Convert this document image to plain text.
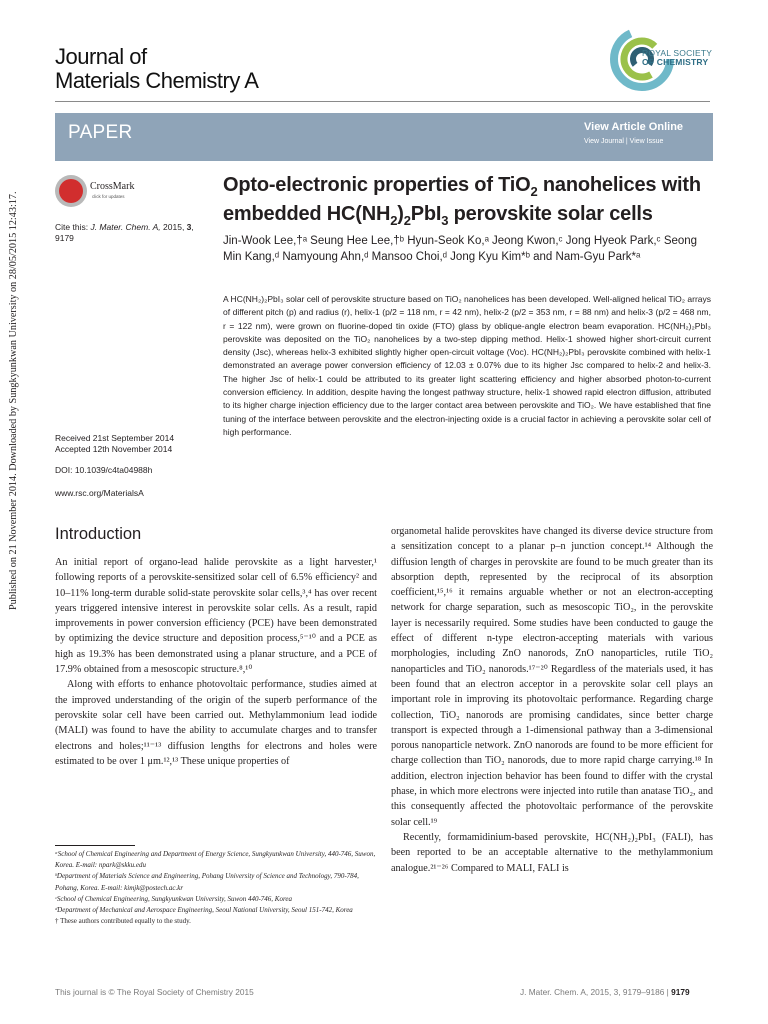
Published on 21 November 2014. Downloaded by Sungkyunkwan University on 28/05/2015 12:43:17.
Journal of
Materials Chemistry A
ROYAL SOCIETY
OF CHEMISTRY
PAPER	View Article Online
View Journal | View Issue
CrossMark
click for updates
Cite this: J. Mater. Chem. A, 2015, 3, 9179
Received 21st September 2014
Accepted 12th November 2014
DOI: 10.1039/c4ta04988h
www.rsc.org/MaterialsA
Opto-electronic properties of TiO$_2$ nanohelices with embedded $HC(NH_2)_2PbI_3$ perovskite solar cells
Jin-Wook Lee,†ᵃ Seung Hee Lee,†ᵇ Hyun-Seok Ko,ᵃ Jeong Kwon,ᶜ Jong Hyeok Park,ᶜ Seong Min Kang,ᵈ Namyoung Ahn,ᵈ Mansoo Choi,ᵈ Jong Kyu Kim*ᵇ and Nam-Gyu Park*ᵃ
A HC(NH₂)₂PbI₃ solar cell of perovskite structure based on TiO₂ nanohelices has been developed. Well-aligned helical TiO₂ arrays of different pitch (p) and radius (r), helix-1 (p/2 = 118 nm, r = 42 nm), helix-2 (p/2 = 353 nm, r = 88 nm) and helix-3 (p/2 = 468 nm, r = 122 nm), were grown on fluorine-doped tin oxide (FTO) glass by oblique-angle electron beam evaporation. HC(NH₂)₂PbI₃ perovskite was deposited on the TiO₂ nanohelices by a two-step dipping method. Helix-1 showed higher short-circuit current density (Jsc), whereas helix-3 exhibited slightly higher open-circuit voltage (Voc). HC(NH₂)₂PbI₃ perovskite combined with helix-1 demonstrated an average power conversion efficiency of 12.03 ± 0.07% due to its higher Jsc compared to helix-2 and helix-3. The higher Jsc of helix-1 could be attributed to its greater light scattering efficiency and higher absorbed photon-to-current conversion efficiency. In addition, despite having the longest pathway structure, helix-1 showed rapid electron diffusion, attributed to its higher charge injection efficiency due to the larger contact area between perovskite and TiO₂. We have established that fine tuning of the interface between perovskite and the electron-injecting oxide is a crucial factor in achieving a perovskite solar cell of high performance.
Introduction

An initial report of organo-lead halide perovskite as a light harvester,¹ following reports of a perovskite-sensitized solar cell of 6.5% efficiency² and 10–11% long-term durable solid-state perovskite solar cells,³,⁴ has over recent years triggered intensive interest in perovskite solar cells. As a result, rapid improvements in power conversion efficiency (PCE) have been demonstrated by optimizing the device structure and deposition process,⁵⁻¹⁰ and a PCE as high as 19.3% has been demonstrated using a planar structure, and a PCE of 17.9% obtained from a mesoscopic structure.⁸,¹⁰

Along with efforts to enhance photovoltaic performance, studies aimed at the improved understanding of the origin of the superb performance of the perovskite solar cell have been carried out. Methylammonium lead iodide (MALI) was found to have the ability to accumulate charges and to transfer electrons and holes;¹¹⁻¹³ diffusion lengths for electrons and holes were estimated to be over 1 μm.¹²,¹³ These unique properties of

organometal halide perovskites have changed its diverse device structure from a sensitization concept to a planar p–n junction concept.¹⁴ Although the diffusion length of charges in perovskite are found to be much greater than its absorption depth, represented by the reciprocal of its absorption coefficient,¹⁵,¹⁶ it remains arguable whether or not an electron-accepting network for charge separation, such as mesoscopic TiO₂, in the perovskite layer is necessarily required. Some studies have been conducted to gauge the effect of different n-type electron-accepting materials with various morphologies, including ZnO nanorods, ZnO nanoparticles, rutile TiO₂ nanoparticles and TiO₂ nanorods.¹⁷⁻²⁰ Regardless of the materials used, it has been found that an electron acceptor in a perovskite solar cell plays an important role in improving its photovoltaic performance. Regarding charge collection, TiO₂ nanorods are promising candidates, since better charge transport is expected through a 1-dimensional pathway than a 3-dimensional porous nanoparticle network. ZnO nanorods are found to be more efficient for charge collection than TiO₂ nanorods, due to more rapid charge carrying.¹⁸ In addition, electron injection behavior has been found to differ with the crystal phase, in which more electrons were injected into rutile than anatase TiO₂, and this consequently affected the photovoltaic performance of the perovskite solar cell.¹⁹

Recently, formamidinium-based perovskite, HC(NH₂)₂PbI₃ (FALI), has been reported to be an acceptable alternative to the methylammonium analogue.²¹⁻²⁶ Compared to MALI, FALI is

ᵃSchool of Chemical Engineering and Department of Energy Science, Sungkyunkwan University, 440-746, Suwon, Korea. E-mail: npark@skku.edu
ᵇDepartment of Materials Science and Engineering, Pohang University of Science and Technology, 790-784, Pohang, Korea. E-mail: kimjk@postech.ac.kr
ᶜSchool of Chemical Engineering, Sungkyunkwan University, Suwon 440-746, Korea
ᵈDepartment of Mechanical and Aerospace Engineering, Seoul National University, Seoul 151-742, Korea
† These authors contributed equally to the study.
This journal is © The Royal Society of Chemistry 2015	J. Mater. Chem. A, 2015, 3, 9179–9186 | 9179
